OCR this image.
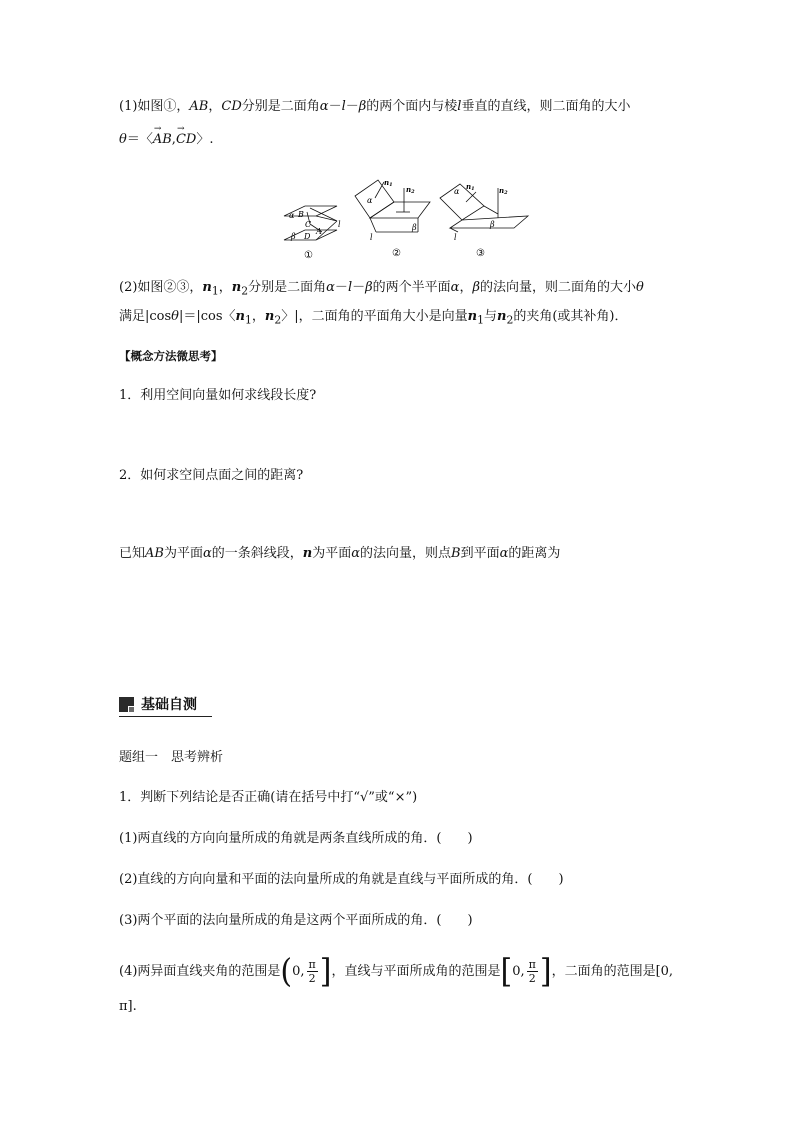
(1)如图①，AB，CD分别是二面角α－l－β的两个面内与棱l垂直的直线，则二面角的大小
θ＝〈→ AB,→ CD〉.
α B
C
β D
A
l
①
α
n1 n2
β
l
②
α
n1	n2
β
l
③
(2)如图②③，$n_1$，$n_2$分别是二面角α－l－β的两个半平面α，β的法向量，则二面角的大小θ
满足|cosθ|＝|cos〈$n_1$，$n_2$〉|，二面角的平面角大小是向量$n_1$与$n_2$的夹角(或其补角)．
【概念方法微思考】
1．利用空间向量如何求线段长度?
2．如何求空间点面之间的距离?
已知AB为平面α的一条斜线段，n为平面α的法向量，则点B到平面α的距离为
基础自测
题组一　思考辨析
1．判断下列结论是否正确(请在括号中打“√”或“×”)
(1)两直线的方向向量所成的角就是两条直线所成的角．(　　)
(2)直线的方向向量和平面的法向量所成的角就是直线与平面所成的角．(　　)
(3)两个平面的法向量所成的角是这两个平面所成的角．(　　)
(4)两异面直线夹角的范围是(0, $\frac{\pi}{2}$ ]，直线与平面所成角的范围是[0, $\frac{\pi}{2}$ ]，二面角的范围是[0,
π].
